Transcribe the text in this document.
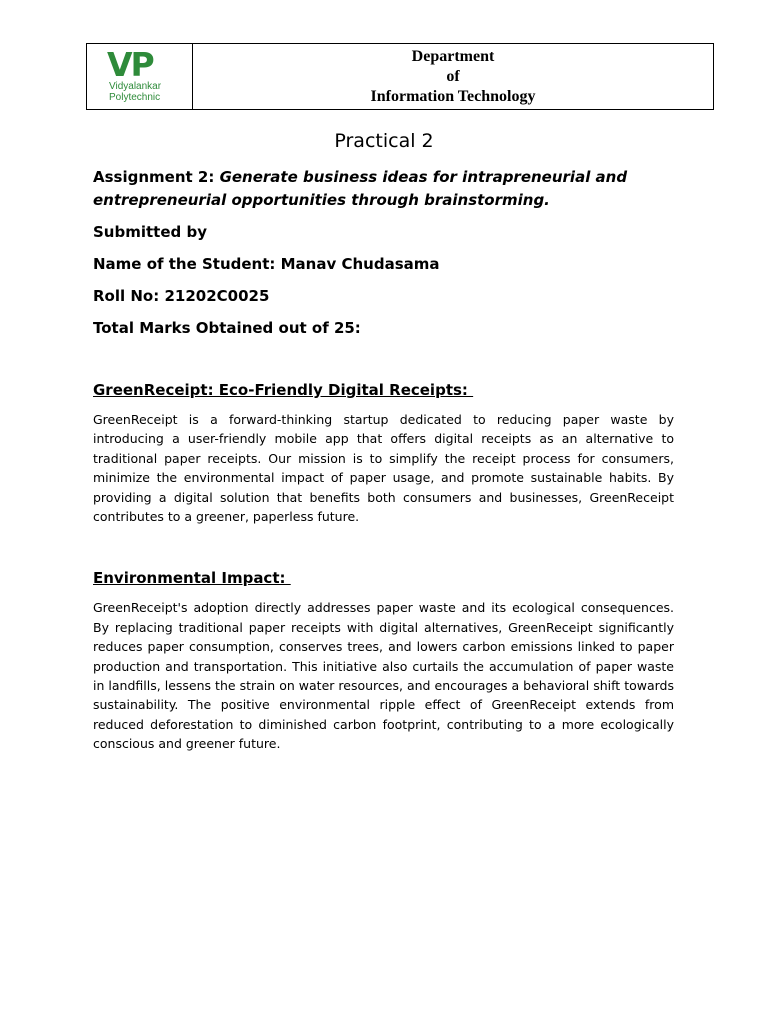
VP
Vidyalankar
Polytechnic
Department
of
Information Technology
Practical 2

Assignment 2: Generate business ideas for intrapreneurial and entrepreneurial opportunities through brainstorming.

Submitted by

Name of the Student: Manav Chudasama

Roll No: 21202C0025

Total Marks Obtained out of 25:

GreenReceipt: Eco-Friendly Digital Receipts:

GreenReceipt is a forward-thinking startup dedicated to reducing paper waste by introducing a user-friendly mobile app that offers digital receipts as an alternative to traditional paper receipts. Our mission is to simplify the receipt process for consumers, minimize the environmental impact of paper usage, and promote sustainable habits. By providing a digital solution that benefits both consumers and businesses, GreenReceipt contributes to a greener, paperless future.

Environmental Impact:

GreenReceipt's adoption directly addresses paper waste and its ecological consequences. By replacing traditional paper receipts with digital alternatives, GreenReceipt significantly reduces paper consumption, conserves trees, and lowers carbon emissions linked to paper production and transportation. This initiative also curtails the accumulation of paper waste in landfills, lessens the strain on water resources, and encourages a behavioral shift towards sustainability. The positive environmental ripple effect of GreenReceipt extends from reduced deforestation to diminished carbon footprint, contributing to a more ecologically conscious and greener future.
